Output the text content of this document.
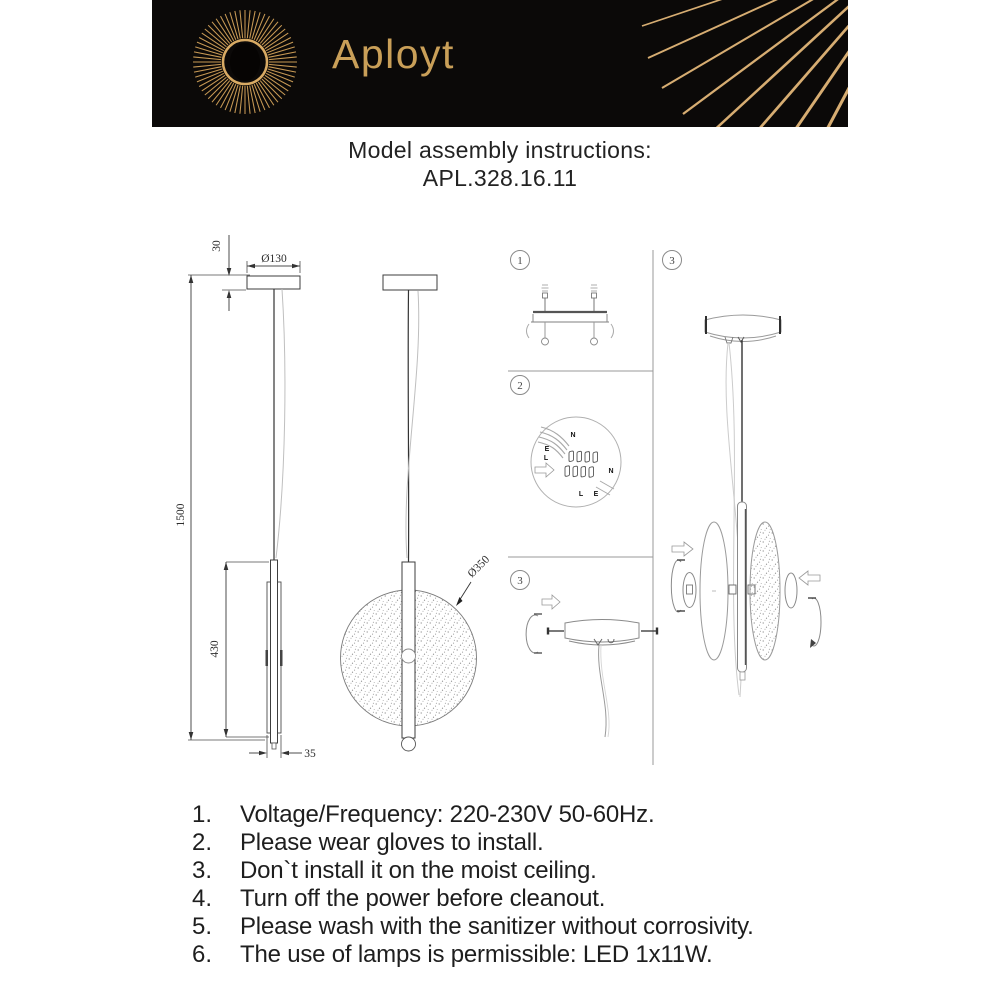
Aployt
Model assembly instructions:
APL.328.16.11
30
Ø130
1500
430
35
Ø350
1
2
N
E
L
L E
N
3
3
1.	Voltage/Frequency: 220-230V 50-60Hz.
2.	Please wear gloves to install.
3.	Don`t install it on the moist ceiling.
4.	Turn off the power before cleanout.
5.	Please wash with the sanitizer without corrosivity.
6.	The use of lamps is permissible: LED 1x11W.
